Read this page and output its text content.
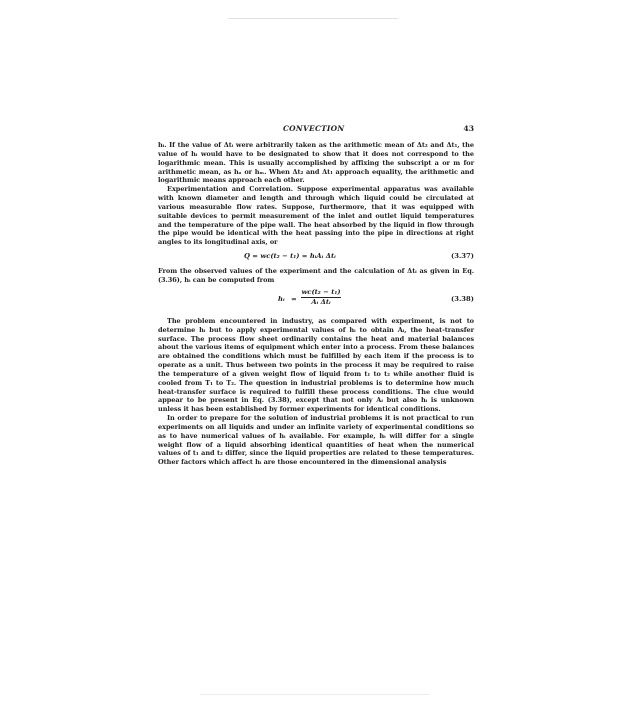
CONVECTION	43

hᵢ. If the value of Δtᵢ were arbitrarily taken as the arithmetic mean of Δt₂ and Δt₁, the value of hᵢ would have to be designated to show that it does not correspond to the logarithmic mean. This is usually accomplished by affixing the subscript a or m for arithmetic mean, as hₐ or hₘ. When Δt₂ and Δt₁ approach equality, the arithmetic and logarithmic means approach each other.

Experimentation and Correlation. Suppose experimental apparatus was available with known diameter and length and through which liquid could be circulated at various measurable flow rates. Suppose, furthermore, that it was equipped with suitable devices to permit measurement of the inlet and outlet liquid temperatures and the temperature of the pipe wall. The heat absorbed by the liquid in flow through the pipe would be identical with the heat passing into the pipe in directions at right angles to its longitudinal axis, or

Q = wc(t₂ − t₁) = hᵢAᵢ Δtᵢ	(3.37)

From the observed values of the experiment and the calculation of Δtᵢ as given in Eq. (3.36), hᵢ can be computed from

hᵢ =
wc(t₂ − t₁)
Aᵢ Δtᵢ	(3.38)

The problem encountered in industry, as compared with experiment, is not to determine hᵢ but to apply experimental values of hᵢ to obtain Aᵢ, the heat-transfer surface. The process flow sheet ordinarily contains the heat and material balances about the various items of equipment which enter into a process. From these balances are obtained the conditions which must be fulfilled by each item if the process is to operate as a unit. Thus between two points in the process it may be required to raise the temperature of a given weight flow of liquid from t₁ to t₂ while another fluid is cooled from T₁ to T₂. The question in industrial problems is to determine how much heat-transfer surface is required to fulfill these process conditions. The clue would appear to be present in Eq. (3.38), except that not only Aᵢ but also hᵢ is unknown unless it has been established by former experiments for identical conditions.

In order to prepare for the solution of industrial problems it is not practical to run experiments on all liquids and under an infinite variety of experimental conditions so as to have numerical values of hᵢ available. For example, hᵢ will differ for a single weight flow of a liquid absorbing identical quantities of heat when the numerical values of t₁ and t₂ differ, since the liquid properties are related to these temperatures. Other factors which affect hᵢ are those encountered in the dimensional analysis
